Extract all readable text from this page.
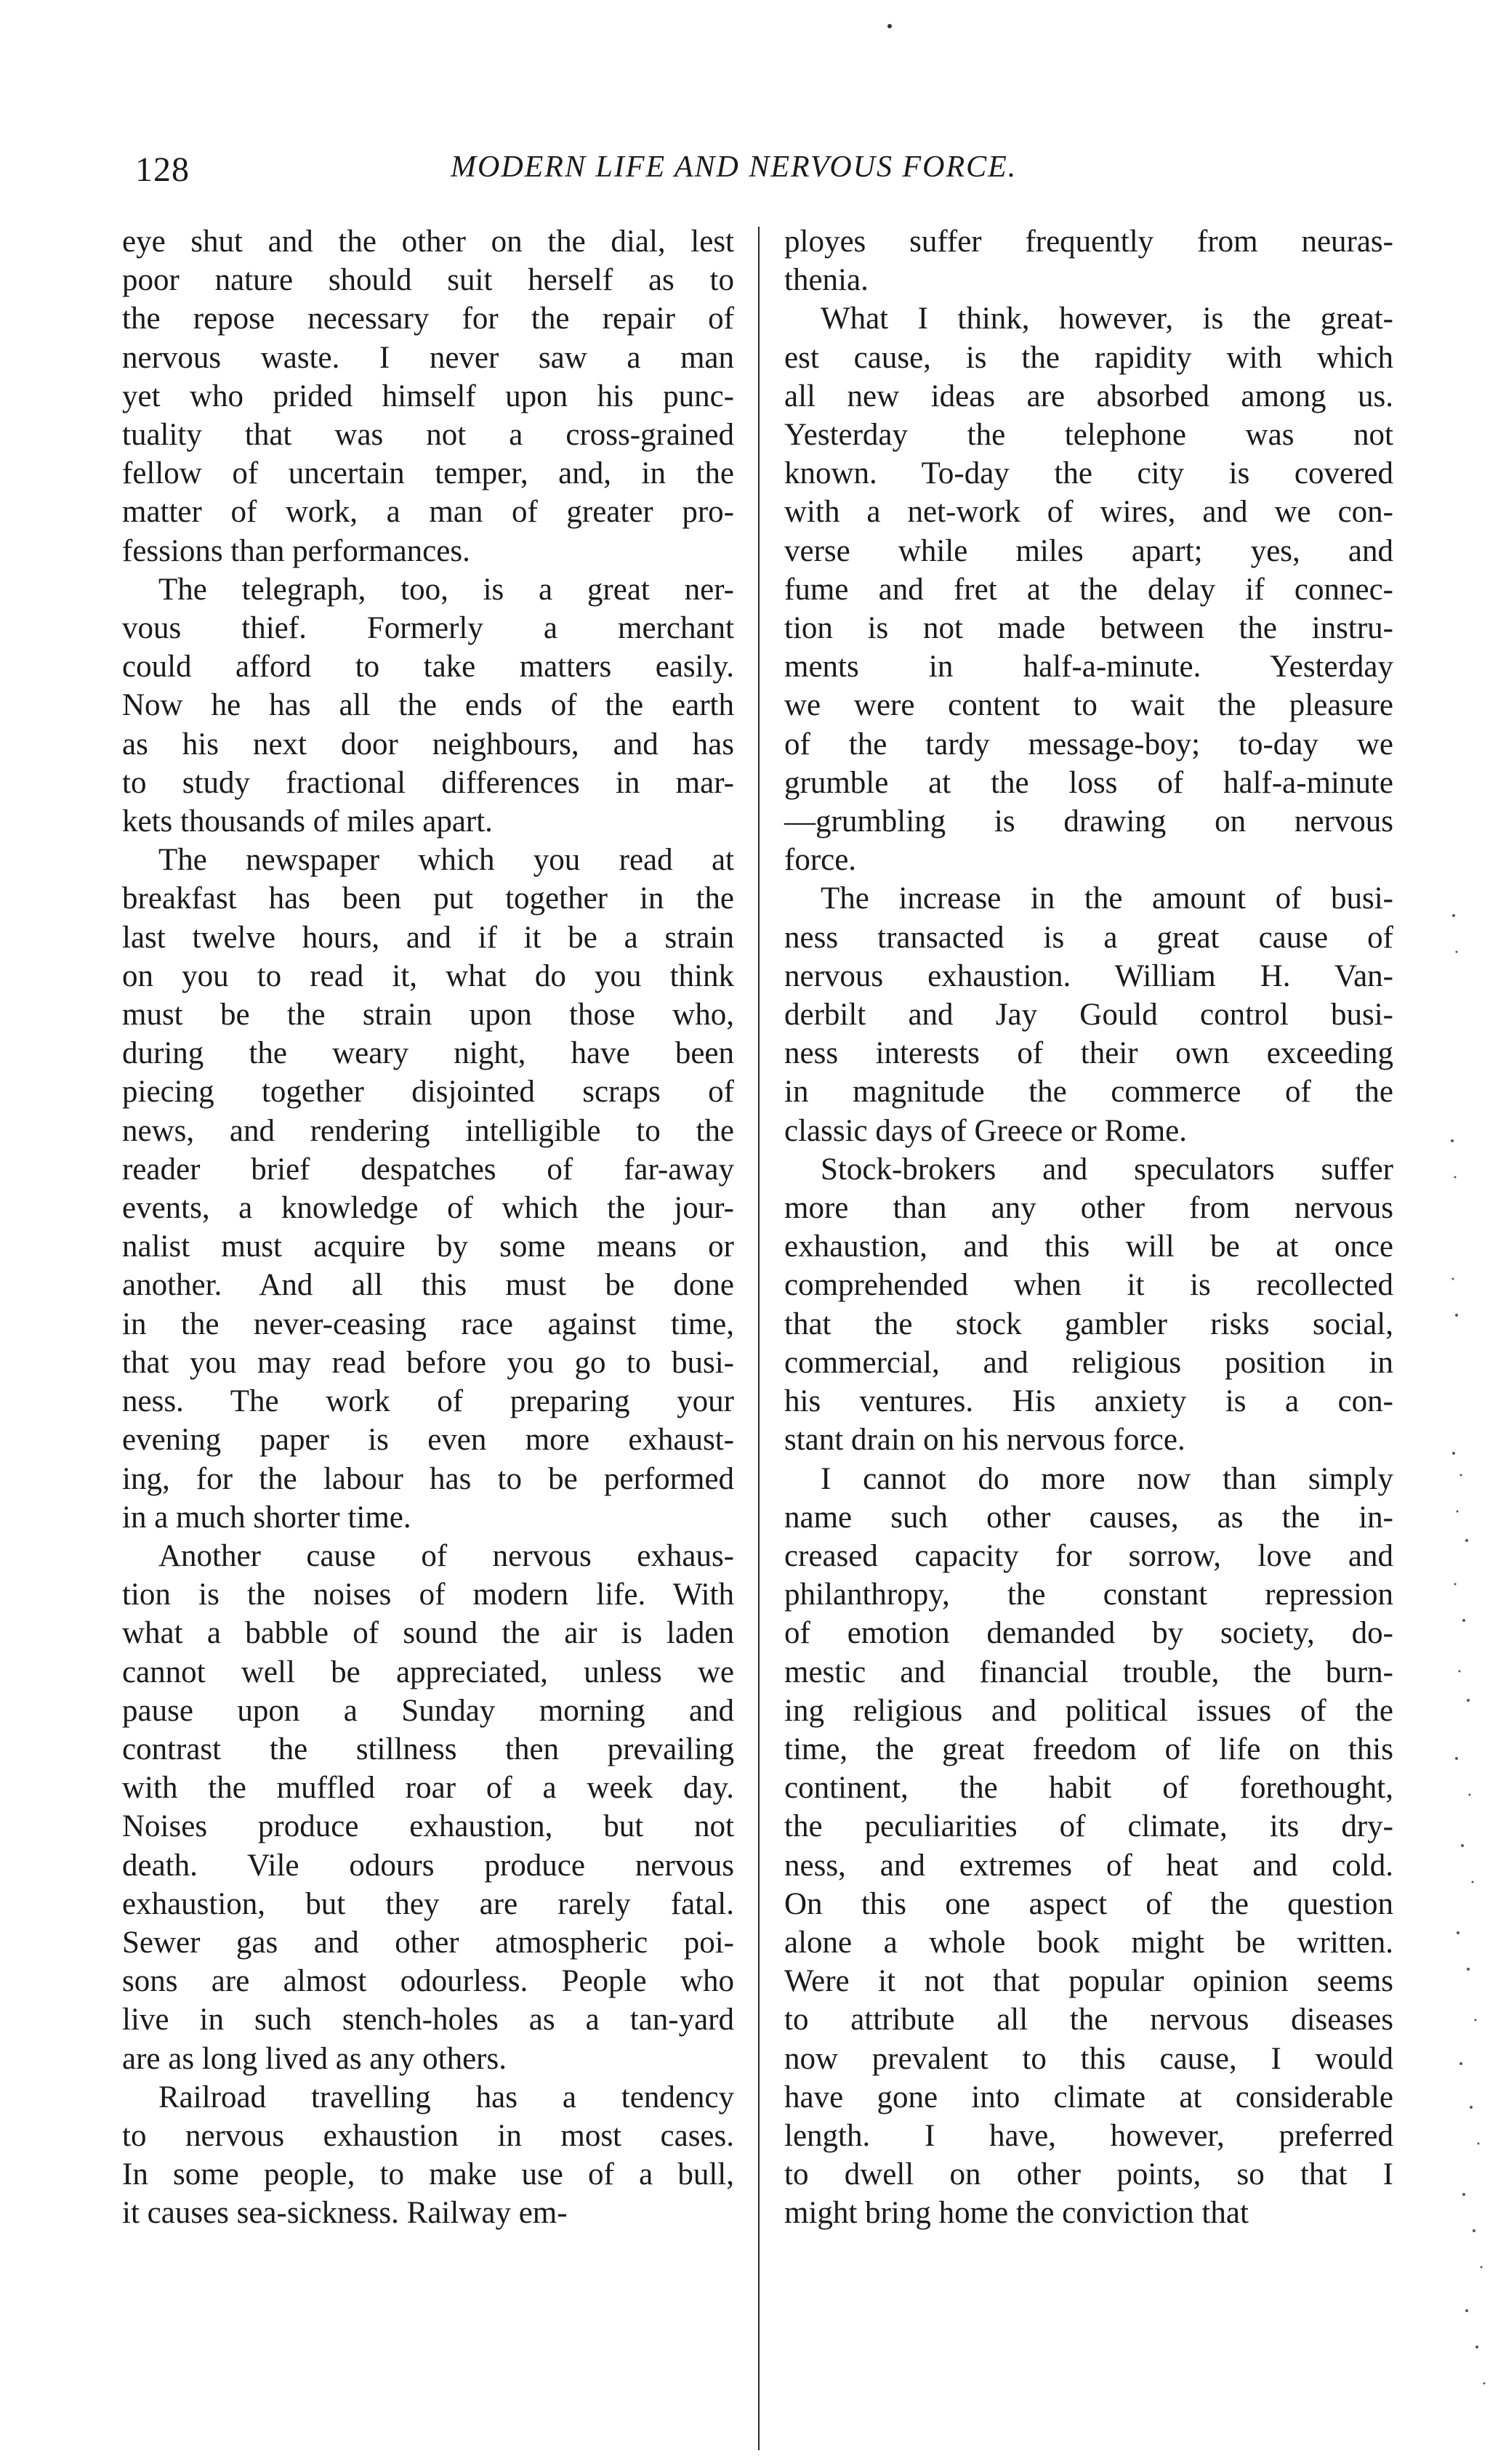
128	MODERN LIFE AND NERVOUS FORCE.

eye shut and the other on the dial, lest
poor nature should suit herself as to
the repose necessary for the repair of
nervous waste. I never saw a man
yet who prided himself upon his punc-
tuality that was not a cross-grained
fellow of uncertain temper, and, in the
matter of work, a man of greater pro-
fessions than performances.

The telegraph, too, is a great ner-
vous thief. Formerly a merchant
could afford to take matters easily.
Now he has all the ends of the earth
as his next door neighbours, and has
to study fractional differences in mar-
kets thousands of miles apart.

The newspaper which you read at
breakfast has been put together in the
last twelve hours, and if it be a strain
on you to read it, what do you think
must be the strain upon those who,
during the weary night, have been
piecing together disjointed scraps of
news, and rendering intelligible to the
reader brief despatches of far-away
events, a knowledge of which the jour-
nalist must acquire by some means or
another. And all this must be done
in the never-ceasing race against time,
that you may read before you go to busi-
ness. The work of preparing your
evening paper is even more exhaust-
ing, for the labour has to be performed
in a much shorter time.

Another cause of nervous exhaus-
tion is the noises of modern life. With
what a babble of sound the air is laden
cannot well be appreciated, unless we
pause upon a Sunday morning and
contrast the stillness then prevailing
with the muffled roar of a week day.
Noises produce exhaustion, but not
death. Vile odours produce nervous
exhaustion, but they are rarely fatal.
Sewer gas and other atmospheric poi-
sons are almost odourless. People who
live in such stench-holes as a tan-yard
are as long lived as any others.

Railroad travelling has a tendency
to nervous exhaustion in most cases.
In some people, to make use of a bull,
it causes sea-sickness. Railway em-

ployes suffer frequently from neuras-
thenia.

What I think, however, is the great-
est cause, is the rapidity with which
all new ideas are absorbed among us.
Yesterday the telephone was not
known. To-day the city is covered
with a net-work of wires, and we con-
verse while miles apart; yes, and
fume and fret at the delay if connec-
tion is not made between the instru-
ments in half-a-minute. Yesterday
we were content to wait the pleasure
of the tardy message-boy; to-day we
grumble at the loss of half-a-minute
—grumbling is drawing on nervous
force.

The increase in the amount of busi-
ness transacted is a great cause of
nervous exhaustion. William H. Van-
derbilt and Jay Gould control busi-
ness interests of their own exceeding
in magnitude the commerce of the
classic days of Greece or Rome.

Stock-brokers and speculators suffer
more than any other from nervous
exhaustion, and this will be at once
comprehended when it is recollected
that the stock gambler risks social,
commercial, and religious position in
his ventures. His anxiety is a con-
stant drain on his nervous force.

I cannot do more now than simply
name such other causes, as the in-
creased capacity for sorrow, love and
philanthropy, the constant repression
of emotion demanded by society, do-
mestic and financial trouble, the burn-
ing religious and political issues of the
time, the great freedom of life on this
continent, the habit of forethought,
the peculiarities of climate, its dry-
ness, and extremes of heat and cold.
On this one aspect of the question
alone a whole book might be written.
Were it not that popular opinion seems
to attribute all the nervous diseases
now prevalent to this cause, I would
have gone into climate at considerable
length. I have, however, preferred
to dwell on other points, so that I
might bring home the conviction that
